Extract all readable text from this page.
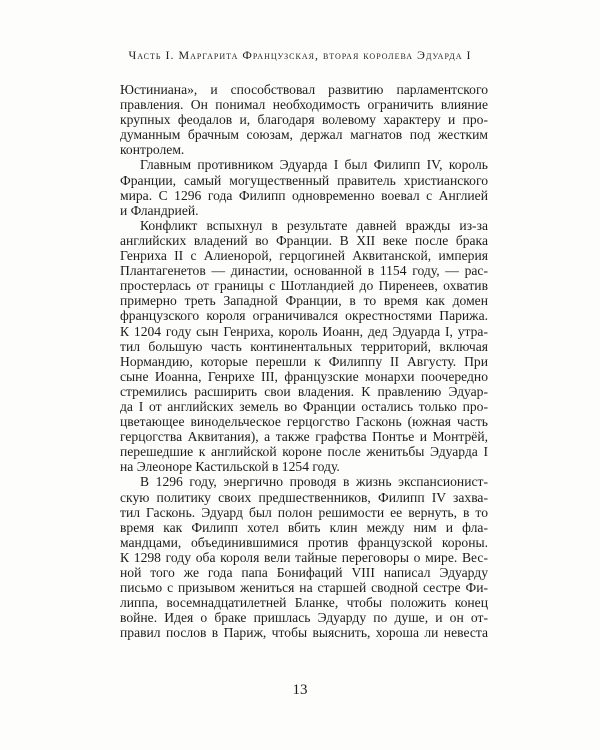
Часть I. Маргарита Французская, вторая королева Эдуарда I
Юстиниана», и способствовал развитию парламентского
правления. Он понимал необходимость ограничить влияние
крупных феодалов и, благодаря волевому характеру и про-
думанным брачным союзам, держал магнатов под жестким
контролем.
Главным противником Эдуарда I был Филипп IV, король
Франции, самый могущественный правитель христианского
мира. С 1296 года Филипп одновременно воевал с Англией
и Фландрией.
Конфликт вспыхнул в результате давней вражды из-за
английских владений во Франции. В XII веке после брака
Генриха II с Алиенорой, герцогиней Аквитанской, империя
Плантагенетов — династии, основанной в 1154 году, — рас-
простерлась от границы с Шотландией до Пиренеев, охватив
примерно треть Западной Франции, в то время как домен
французского короля ограничивался окрестностями Парижа.
К 1204 году сын Генриха, король Иоанн, дед Эдуарда I, утра-
тил большую часть континентальных территорий, включая
Нормандию, которые перешли к Филиппу II Августу. При
сыне Иоанна, Генрихе III, французские монархи поочередно
стремились расширить свои владения. К правлению Эдуар-
да I от английских земель во Франции остались только про-
цветающее винодельческое герцогство Гасконь (южная часть
герцогства Аквитания), а также графства Понтье и Монтрёй,
перешедшие к английской короне после женитьбы Эдуарда I
на Элеоноре Кастильской в 1254 году.
В 1296 году, энергично проводя в жизнь экспансионист-
скую политику своих предшественников, Филипп IV захва-
тил Гасконь. Эдуард был полон решимости ее вернуть, в то
время как Филипп хотел вбить клин между ним и фла-
мандцами, объединившимися против французской короны.
К 1298 году оба короля вели тайные переговоры о мире. Вес-
ной того же года папа Бонифаций VIII написал Эдуарду
письмо с призывом жениться на старшей сводной сестре Фи-
липпа, восемнадцатилетней Бланке, чтобы положить конец
войне. Идея о браке пришлась Эдуарду по душе, и он от-
правил послов в Париж, чтобы выяснить, хороша ли невеста
13
